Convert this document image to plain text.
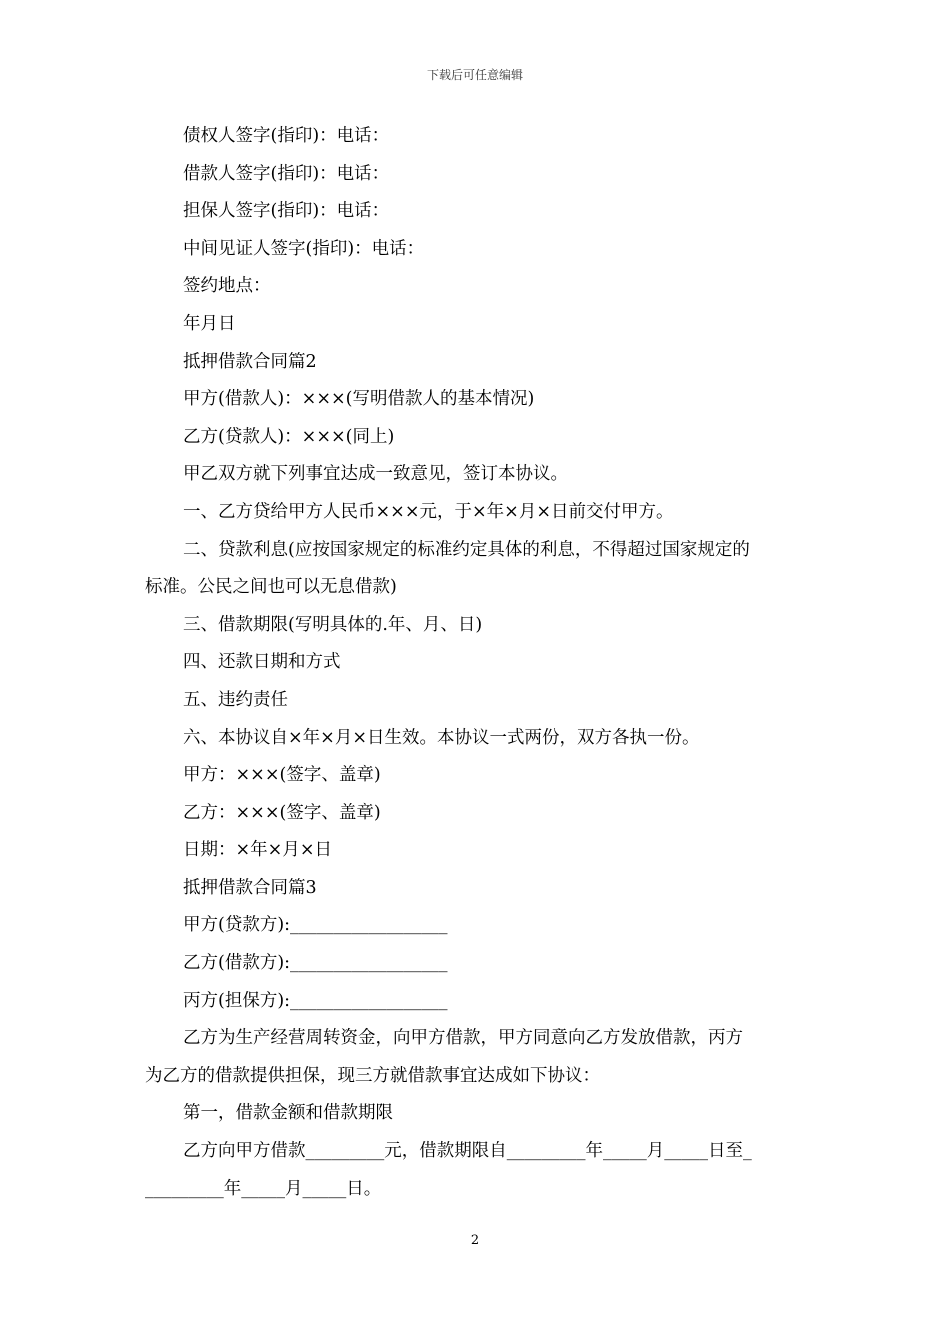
下载后可任意编辑
债权人签字(指印)：电话：
借款人签字(指印)：电话：
担保人签字(指印)：电话：
中间见证人签字(指印)：电话：
签约地点：
年月日
抵押借款合同篇2
甲方(借款人)：×××(写明借款人的基本情况)
乙方(贷款人)：×××(同上)
甲乙双方就下列事宜达成一致意见，签订本协议。
一、乙方贷给甲方人民币×××元，于×年×月×日前交付甲方。
二、贷款利息(应按国家规定的标准约定具体的利息，不得超过国家规定的
标准。公民之间也可以无息借款)
三、借款期限(写明具体的.年、月、日)
四、还款日期和方式
五、违约责任
六、本协议自×年×月×日生效。本协议一式两份，双方各执一份。
甲方：×××(签字、盖章)
乙方：×××(签字、盖章)
日期：×年×月×日
抵押借款合同篇3
甲方(贷款方):__________________
乙方(借款方):__________________
丙方(担保方):__________________
乙方为生产经营周转资金，向甲方借款，甲方同意向乙方发放借款，丙方
为乙方的借款提供担保，现三方就借款事宜达成如下协议：
第一，借款金额和借款期限
乙方向甲方借款_________元，借款期限自_________年_____月_____日至_
_________年_____月_____日。
2
